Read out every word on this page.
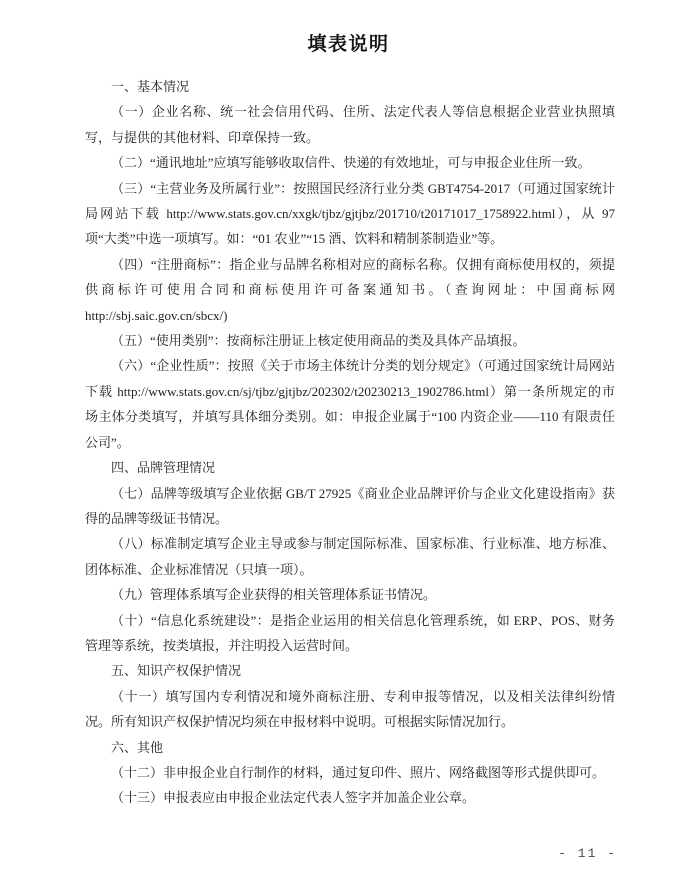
填表说明

一、基本情况

（一）企业名称、统一社会信用代码、住所、法定代表人等信息根据企业营业执照填写，与提供的其他材料、印章保持一致。

（二）“通讯地址”应填写能够收取信件、快递的有效地址，可与申报企业住所一致。

（三）“主营业务及所属行业”：按照国民经济行业分类 GBT4754-2017（可通过国家统计局网站下载 http://www.stats.gov.cn/xxgk/tjbz/gjtjbz/201710/t20171017_1758922.html），从 97 项“大类”中选一项填写。如：“01 农业”“15 酒、饮料和精制茶制造业”等。

（四）“注册商标”：指企业与品牌名称相对应的商标名称。仅拥有商标使用权的，须提供商标许可使用合同和商标使用许可备案通知书。（查询网址：中国商标网 http://sbj.saic.gov.cn/sbcx/)

（五）“使用类别”：按商标注册证上核定使用商品的类及具体产品填报。

（六）“企业性质”：按照《关于市场主体统计分类的划分规定》（可通过国家统计局网站下载 http://www.stats.gov.cn/sj/tjbz/gjtjbz/202302/t20230213_1902786.html）第一条所规定的市场主体分类填写，并填写具体细分类别。如：申报企业属于“100 内资企业——110 有限责任公司”。

四、品牌管理情况

（七）品牌等级填写企业依据 GB/T 27925《商业企业品牌评价与企业文化建设指南》获得的品牌等级证书情况。

（八）标准制定填写企业主导或参与制定国际标准、国家标准、行业标准、地方标准、团体标准、企业标准情况（只填一项）。

（九）管理体系填写企业获得的相关管理体系证书情况。

（十）“信息化系统建设”：是指企业运用的相关信息化管理系统，如 ERP、POS、财务管理等系统，按类填报，并注明投入运营时间。

五、知识产权保护情况

（十一）填写国内专利情况和境外商标注册、专利申报等情况，以及相关法律纠纷情况。所有知识产权保护情况均须在申报材料中说明。可根据实际情况加行。

六、其他

（十二）非申报企业自行制作的材料，通过复印件、照片、网络截图等形式提供即可。

（十三）申报表应由申报企业法定代表人签字并加盖企业公章。

- 11 -
